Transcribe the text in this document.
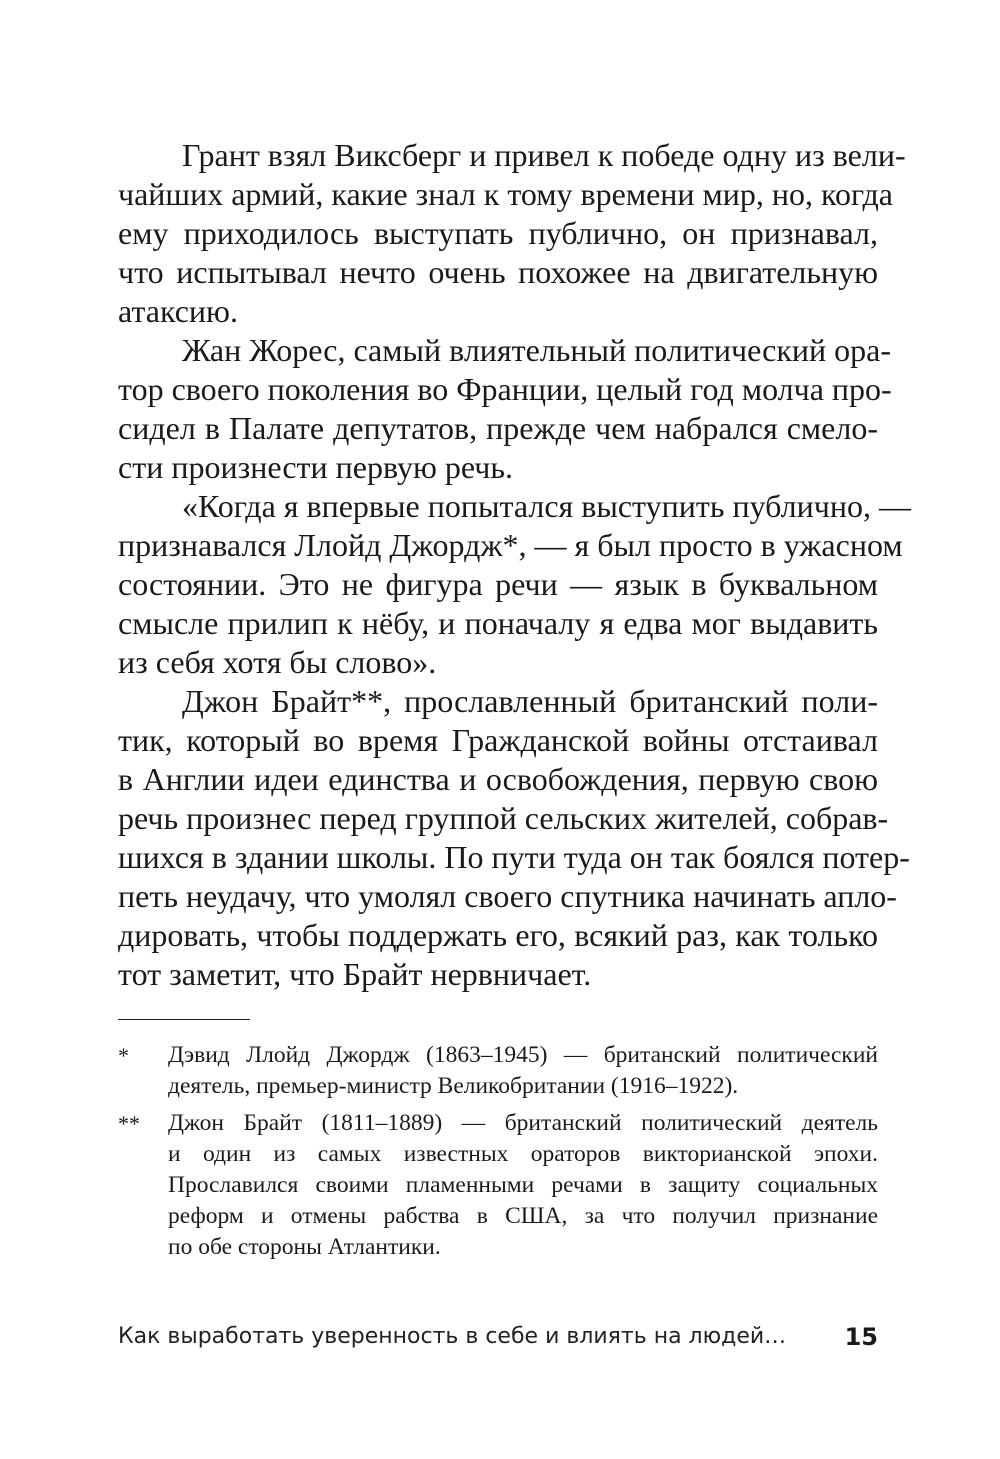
Грант взял Виксберг и привел к победе одну из вели-
чайших армий, какие знал к тому времени мир, но, когда
ему приходилось выступать публично, он признавал,
что испытывал нечто очень похожее на двигательную
атаксию.
Жан Жорес, самый влиятельный политический ора-
тор своего поколения во Франции, целый год молча про-
сидел в Палате депутатов, прежде чем набрался смело-
сти произнести первую речь.
«Когда я впервые попытался выступить публично, —
признавался Ллойд Джордж*, — я был просто в ужасном
состоянии. Это не фигура речи — язык в буквальном
смысле прилип к нёбу, и поначалу я едва мог выдавить
из себя хотя бы слово».
Джон Брайт**, прославленный британский поли-
тик, который во время Гражданской войны отстаивал
в Англии идеи единства и освобождения, первую свою
речь произнес перед группой сельских жителей, собрав-
шихся в здании школы. По пути туда он так боялся потер-
петь неудачу, что умолял своего спутника начинать апло-
дировать, чтобы поддержать его, всякий раз, как только
тот заметит, что Брайт нервничает.
* Дэвид Ллойд Джордж (1863–1945) — британский политический
деятель, премьер-министр Великобритании (1916–1922).
** Джон Брайт (1811–1889) — британский политический деятель
и один из самых известных ораторов викторианской эпохи.
Прославился своими пламенными речами в защиту социальных
реформ и отмены рабства в США, за что получил признание
по обе стороны Атлантики.
Как выработать уверенность в себе и влиять на людей… 15
